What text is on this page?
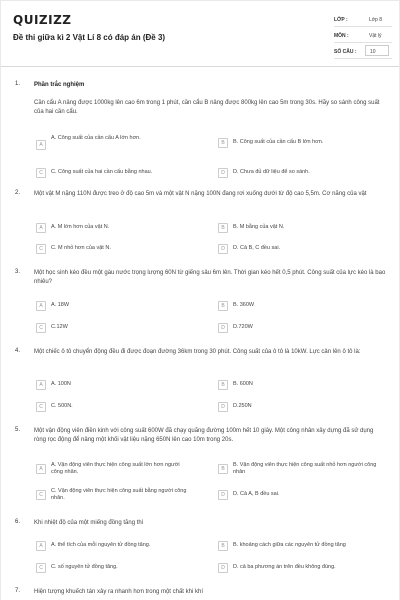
QUIZIZZ
Đề thi giữa kì 2 Vật Lí 8 có đáp án (Đề 3)
LỚP :	Lớp 8
MÔN :	Vật lý
SỐ CÂU :	10
1. Phần trắc nghiệm
Cần cẩu A nâng được 1000kg lên cao 6m trong 1 phút, cần cẩu B nâng được 800kg lên cao 5m trong 30s. Hãy so sánh công suất của hai cần cẩu.
A
A. Công suất của cần cẩu A lớn hơn.
B	B. Công suất của cần cẩu B lớn hơn.
C	C. Công suất của hai cần cẩu bằng nhau.	D	D. Chưa đủ dữ liệu để so sánh.
2. Một vật M nặng 110N được treo ở độ cao 5m và một vật N nặng 100N đang rơi xuống dưới từ độ cao 5,5m. Cơ năng của vật
A	A. M lớn hơn của vật N.	B	B. M bằng của vật N.
C	C. M nhỏ hơn của vật N.	D	D. Cả B, C đều sai.
3. Một học sinh kéo đều một gàu nước trọng lượng 60N từ giếng sâu 6m lên. Thời gian kéo hết 0,5 phút. Công suất của lực kéo là bao nhiêu?
A	A. 18W	B	B. 360W
C	C.12W	D	D.720W
4. Một chiếc ô tô chuyển động đều đi được đoạn đường 36km trong 30 phút. Công suất của ô tô là 10kW. Lực cản lên ô tô là:
A	A. 100N	B	B. 600N
C	C. 500N.	D	D.250N
5. Một vận động viên điền kinh với công suất 600W đã chạy quãng đường 100m hết 10 giây. Một công nhân xây dựng đã sử dụng ròng rọc động để nâng một khối vật liệu nặng 650N lên cao 10m trong 20s.
A
A. Vận động viên thực hiện công suất lớn hơn người công nhân.	B
B. Vận động viên thực hiện công suất nhỏ hơn người công nhân
C
C. Vận động viên thực hiện công suất bằng người công nhân.	D	D. Cả A, B đều sai.
6. Khi nhiệt độ của một miếng đồng tăng thì
A	A. thể tích của mỗi nguyên tử đồng tăng.	B	B. khoảng cách giữa các nguyên tử đồng tăng
C	C. số nguyên tử đồng tăng.	D	D. cả ba phương án trên đều không đúng.
7. Hiện tượng khuếch tán xảy ra nhanh hơn trong một chất khi khí
